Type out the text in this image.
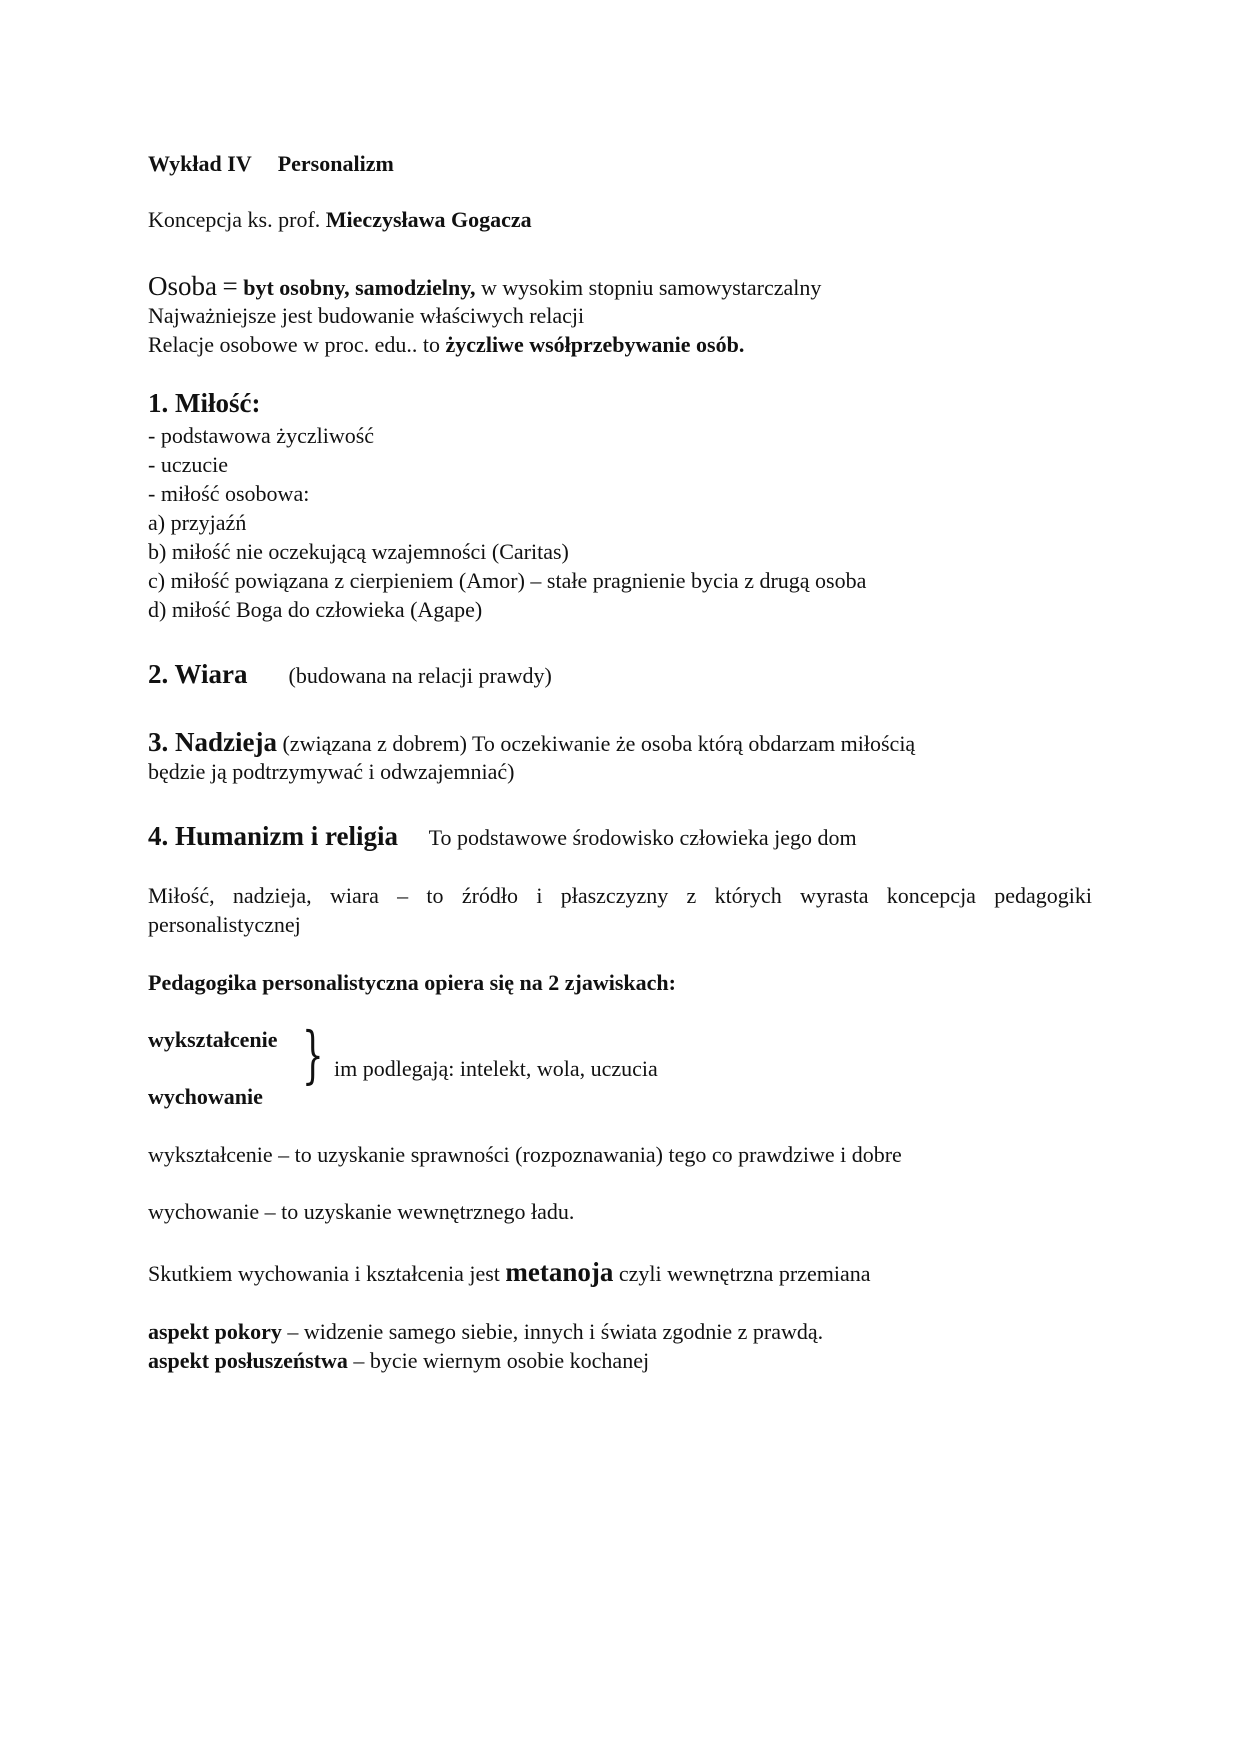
Wykład IV Personalizm
Koncepcja ks. prof. Mieczysława Gogacza
Osoba = byt osobny, samodzielny, w wysokim stopniu samowystarczalny
Najważniejsze jest budowanie właściwych relacji
Relacje osobowe w proc. edu.. to życzliwe wsółprzebywanie osób.
1. Miłość:
- podstawowa życzliwość
- uczucie
- miłość osobowa:
a) przyjaźń
b) miłość nie oczekującą wzajemności (Caritas)
c) miłość powiązana z cierpieniem (Amor) – stałe pragnienie bycia z drugą osoba
d) miłość Boga do człowieka (Agape)
2. Wiara (budowana na relacji prawdy)
3. Nadzieja (związana z dobrem) To oczekiwanie że osoba którą obdarzam miłością
będzie ją podtrzymywać i odwzajemniać)
4. Humanizm i religia To podstawowe środowisko człowieka jego dom
Miłość, nadzieja, wiara – to źródło i płaszczyzny z których wyrasta koncepcja pedagogiki
personalistycznej
Pedagogika personalistyczna opiera się na 2 zjawiskach:
wykształcenie
wychowanie
} im podlegają: intelekt, wola, uczucia
wykształcenie – to uzyskanie sprawności (rozpoznawania) tego co prawdziwe i dobre
wychowanie – to uzyskanie wewnętrznego ładu.
Skutkiem wychowania i kształcenia jest metanoja czyli wewnętrzna przemiana
aspekt pokory – widzenie samego siebie, innych i świata zgodnie z prawdą.
aspekt posłuszeństwa – bycie wiernym osobie kochanej
